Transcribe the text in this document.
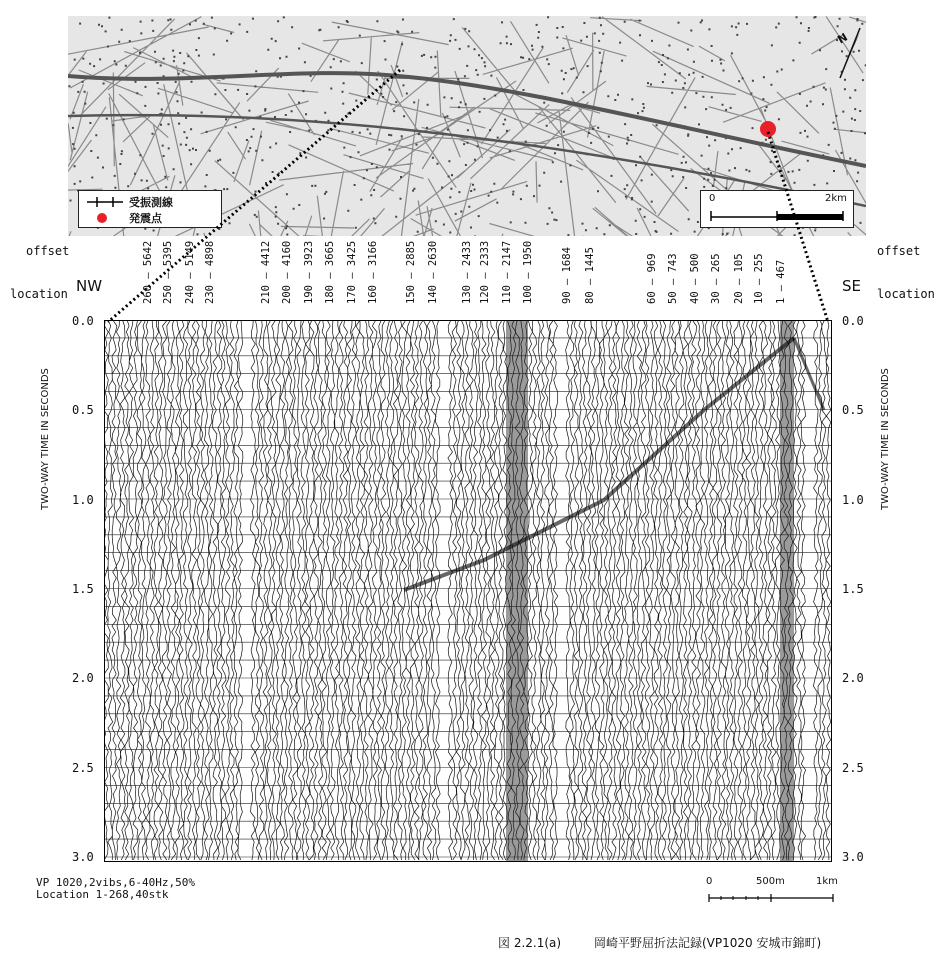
受振測線
発震点
0	2km
N
offset
location
offset
location
NW	SE
260 — 5642 250 — 5395 240 — 5149 230 — 4898	210 — 4412 200 — 4160 190 — 3923 180 — 3665 170 — 3425 160 — 3166 150 — 2885 140 — 2630 130 — 2433 120 — 2333 110 — 2147 100 — 1950	90 — 1684 80 — 1445	60 — 969 50 — 743 40 — 500 30 — 265 20 — 105 10 — 255 1 — 467
0.0
0.5
1.0
1.5
2.0
2.5
3.0
0.0
0.5
1.0
1.5
2.0
2.5
3.0
TWO-WAY TIME IN SECONDS	TWO-WAY TIME IN SECONDS
VP 1020,2vibs,6-40Hz,50%
Location 1-268,40stk
0	500m	1km
図 2.2.1(a)	岡崎平野屈折法記録(VP1020 安城市錦町)
